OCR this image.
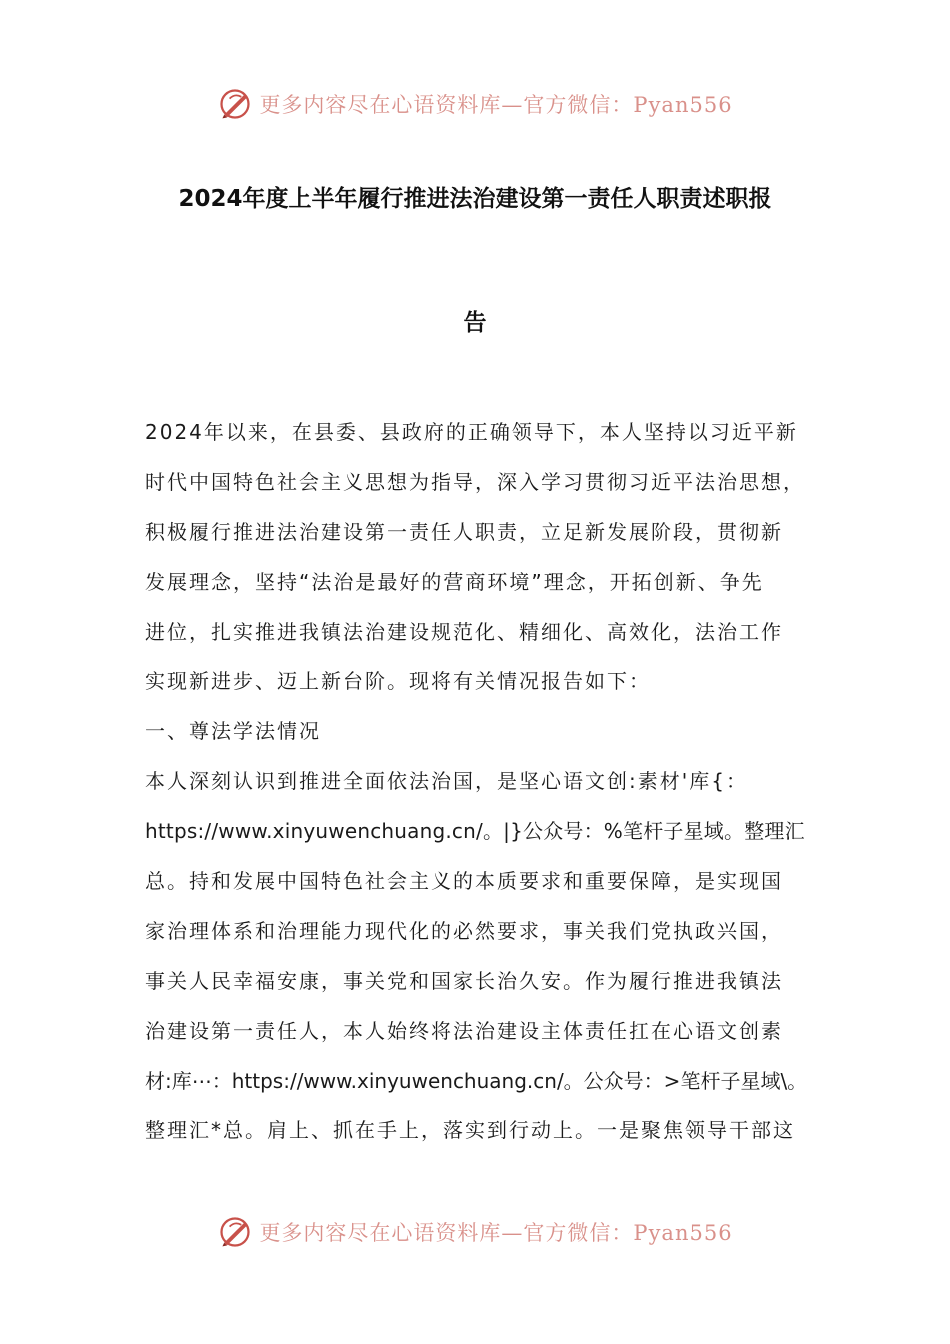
更多内容尽在心语资料库—官方微信：Pyan556
2024年度上半年履行推进法治建设第一责任人职责述职报
告
2024年以来，在县委、县政府的正确领导下，本人坚持以习近平新
时代中国特色社会主义思想为指导，深入学习贯彻习近平法治思想，
积极履行推进法治建设第一责任人职责，立足新发展阶段，贯彻新
发展理念，坚持“法治是最好的营商环境”理念，开拓创新、争先
进位，扎实推进我镇法治建设规范化、精细化、高效化，法治工作
实现新进步、迈上新台阶。现将有关情况报告如下：
一、尊法学法情况
本人深刻认识到推进全面依法治国，是坚心语文创:素材'库{：
https://www.xinyuwenchuang.cn/。|}公众号：%笔杆子星域。整理汇
总。持和发展中国特色社会主义的本质要求和重要保障，是实现国
家治理体系和治理能力现代化的必然要求，事关我们党执政兴国，
事关人民幸福安康，事关党和国家长治久安。作为履行推进我镇法
治建设第一责任人，本人始终将法治建设主体责任扛在心语文创素
材:库⋯：https://www.xinyuwenchuang.cn/。公众号：>笔杆子星域\。
整理汇*总。肩上、抓在手上，落实到行动上。一是聚焦领导干部这
更多内容尽在心语资料库—官方微信：Pyan556
